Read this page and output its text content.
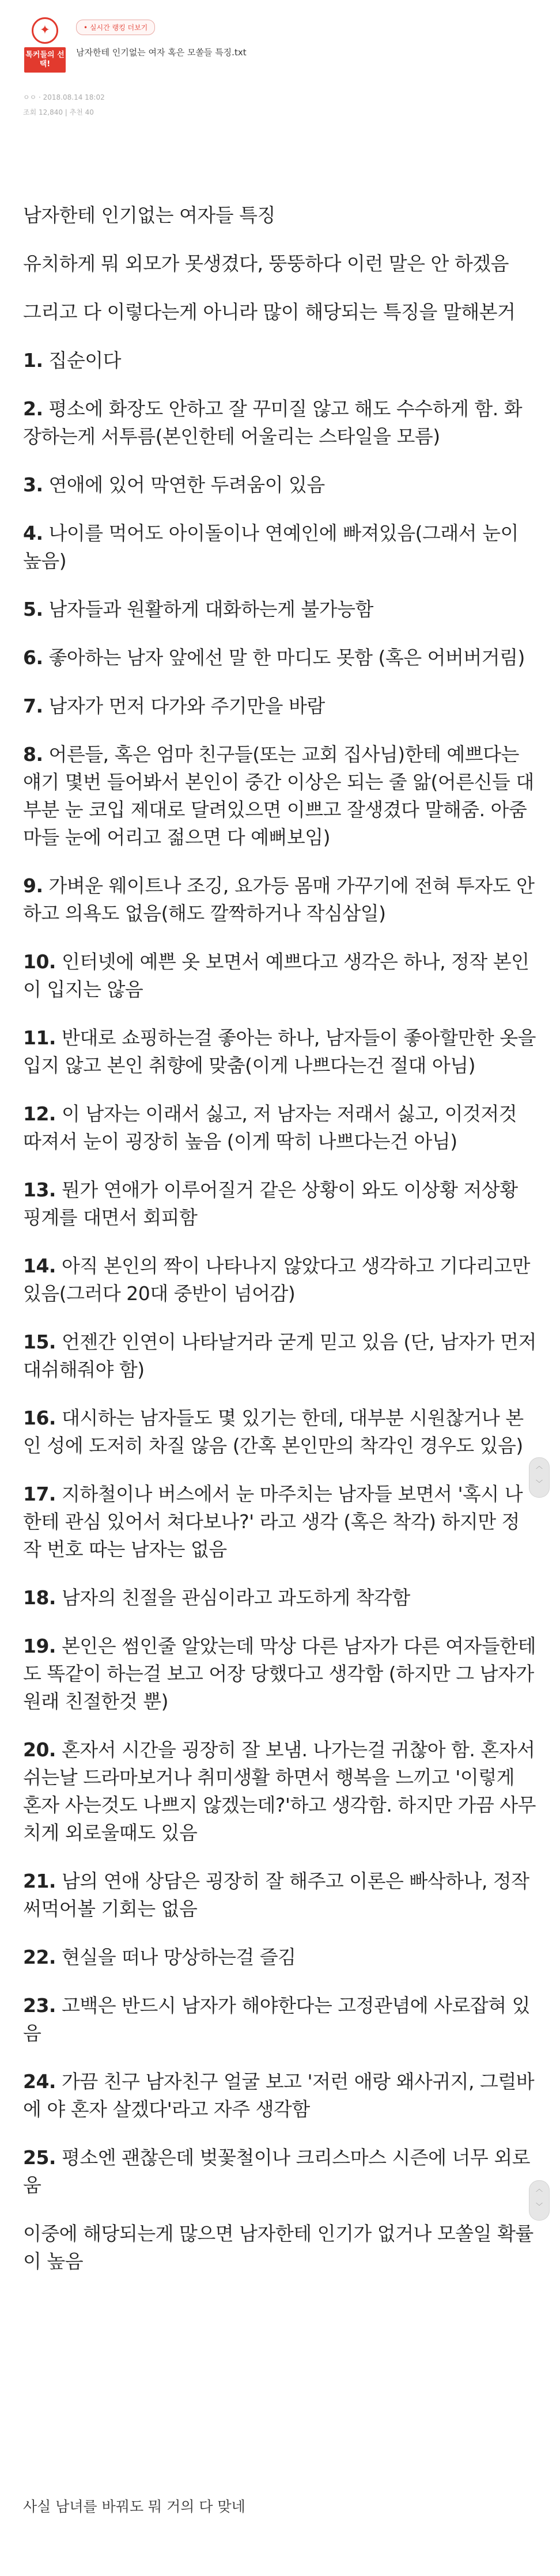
✦
톡커들의 선택!
• 실시간 랭킹 더보기
남자한테 인기없는 여자 혹은 모쏠들 특징.txt
ㅇㅇ · 2018.08.14 18:02
조회 12,840 | 추천 40
남자한테 인기없는 여자들 특징
유치하게 뭐 외모가 못생겼다, 뚱뚱하다 이런 말은 안 하겠음
그리고 다 이렇다는게 아니라 많이 해당되는 특징을 말해본거
1. 집순이다
2. 평소에 화장도 안하고 잘 꾸미질 않고 해도 수수하게 함. 화장하는게 서투름(본인한테 어울리는 스타일을 모름)
3. 연애에 있어 막연한 두려움이 있음
4. 나이를 먹어도 아이돌이나 연예인에 빠져있음(그래서 눈이 높음)
5. 남자들과 원활하게 대화하는게 불가능함
6. 좋아하는 남자 앞에선 말 한 마디도 못함 (혹은 어버버거림)
7. 남자가 먼저 다가와 주기만을 바람
8. 어른들, 혹은 엄마 친구들(또는 교회 집사님)한테 예쁘다는 얘기 몇번 들어봐서 본인이 중간 이상은 되는 줄 앎(어른신들 대부분 눈 코입 제대로 달려있으면 이쁘고 잘생겼다 말해줌. 아줌마들 눈에 어리고 젊으면 다 예뻐보임)
9. 가벼운 웨이트나 조깅, 요가등 몸매 가꾸기에 전혀 투자도 안 하고 의욕도 없음(해도 깔짝하거나 작심삼일)
10. 인터넷에 예쁜 옷 보면서 예쁘다고 생각은 하나, 정작 본인이 입지는 않음
11. 반대로 쇼핑하는걸 좋아는 하나, 남자들이 좋아할만한 옷을 입지 않고 본인 취향에 맞춤(이게 나쁘다는건 절대 아님)
12. 이 남자는 이래서 싫고, 저 남자는 저래서 싫고, 이것저것 따져서 눈이 굉장히 높음 (이게 딱히 나쁘다는건 아님)
13. 뭔가 연애가 이루어질거 같은 상황이 와도 이상황 저상황 핑계를 대면서 회피함
14. 아직 본인의 짝이 나타나지 않았다고 생각하고 기다리고만 있음(그러다 20대 중반이 넘어감)
15. 언젠간 인연이 나타날거라 굳게 믿고 있음 (단, 남자가 먼저 대쉬해줘야 함)
16. 대시하는 남자들도 몇 있기는 한데, 대부분 시원찮거나 본인 성에 도저히 차질 않음 (간혹 본인만의 착각인 경우도 있음)
17. 지하철이나 버스에서 눈 마주치는 남자들 보면서 '혹시 나한테 관심 있어서 쳐다보나?' 라고 생각 (혹은 착각) 하지만 정작 번호 따는 남자는 없음
18. 남자의 친절을 관심이라고 과도하게 착각함
19. 본인은 썸인줄 알았는데 막상 다른 남자가 다른 여자들한테도 똑같이 하는걸 보고 어장 당했다고 생각함 (하지만 그 남자가 원래 친절한것 뿐)
20. 혼자서 시간을 굉장히 잘 보냄. 나가는걸 귀찮아 함. 혼자서 쉬는날 드라마보거나 취미생활 하면서 행복을 느끼고 '이렇게 혼자 사는것도 나쁘지 않겠는데?'하고 생각함. 하지만 가끔 사무치게 외로울때도 있음
21. 남의 연애 상담은 굉장히 잘 해주고 이론은 빠삭하나, 정작 써먹어볼 기회는 없음
22. 현실을 떠나 망상하는걸 즐김
23. 고백은 반드시 남자가 해야한다는 고정관념에 사로잡혀 있음
24. 가끔 친구 남자친구 얼굴 보고 '저런 애랑 왜사귀지, 그럴바에 야 혼자 살겠다'라고 자주 생각함
25. 평소엔 괜찮은데 벚꽃철이나 크리스마스 시즌에 너무 외로움
이중에 해당되는게 많으면 남자한테 인기가 없거나 모쏠일 확률이 높음
사실 남녀를 바꿔도 뭐 거의 다 맞네
︿
﹀
︿
﹀
